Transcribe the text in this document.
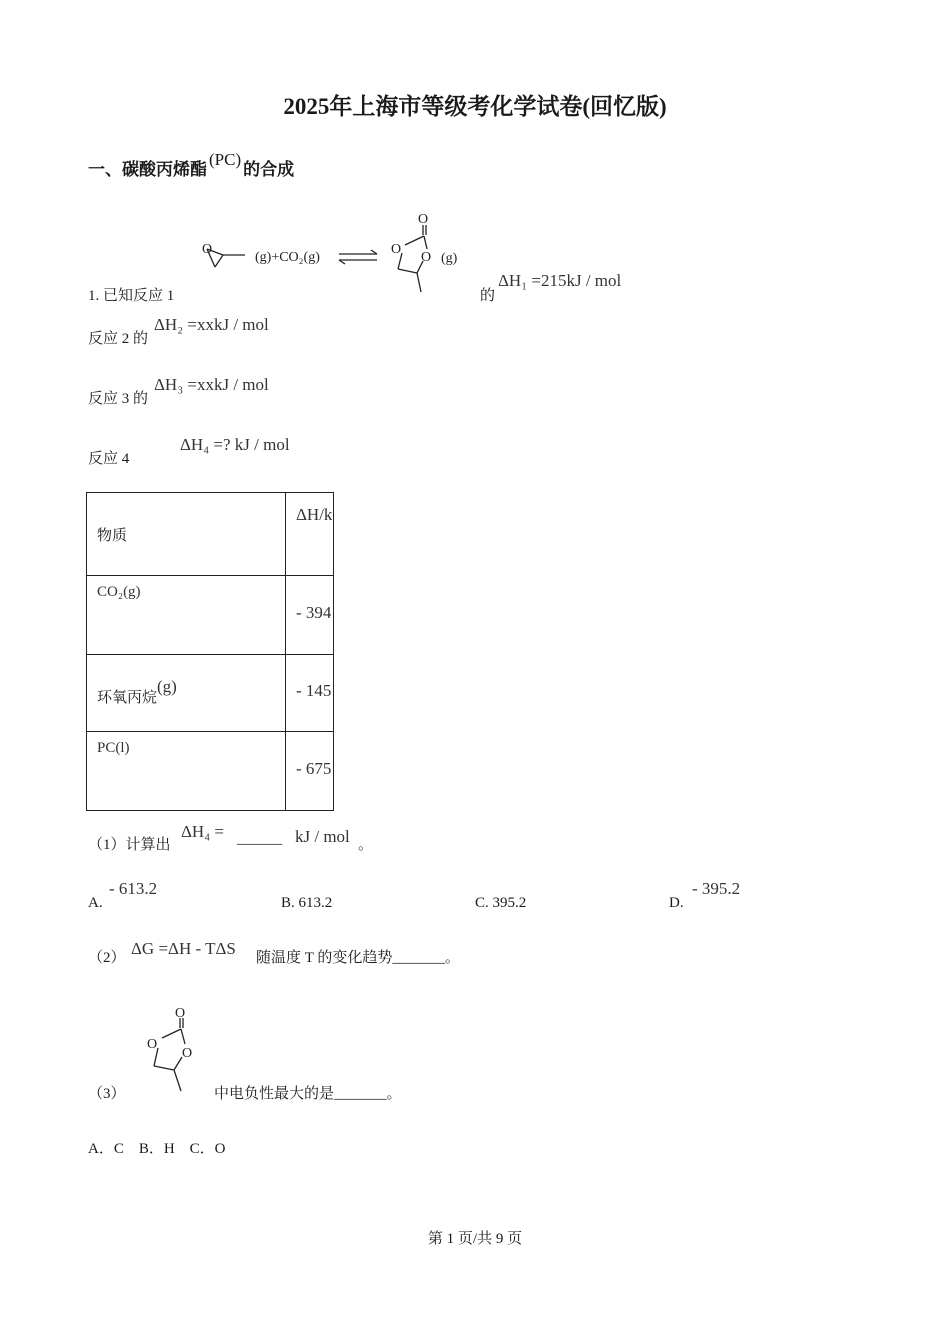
2025年上海市等级考化学试卷(回忆版)
一、碳酸丙烯酯(PC)的合成
O
(g)+CO₂(g)
O
O
O (g)
1. 已知反应 1	的
ΔH₁ =215kJ / mol
反应 2 的
ΔH₂ =xxkJ / mol
反应 3 的
ΔH₃ =xxkJ / mol
反应 4
ΔH₄ =? kJ / mol
物质	ΔH/k
CO₂(g)	- 394
环氧丙烷(g)	- 145
PC(l)	- 675
（1）计算出
ΔH₄ = ______ kJ / mol 。
A.
- 613.2
B. 613.2	C. 395.2	D.
- 395.2
（2） ΔG =ΔH - TΔS 随温度 T 的变化趋势_______。
O
O
O
（3）	中电负性最大的是_______。
A．C　B．H　C．O
第 1 页/共 9 页
